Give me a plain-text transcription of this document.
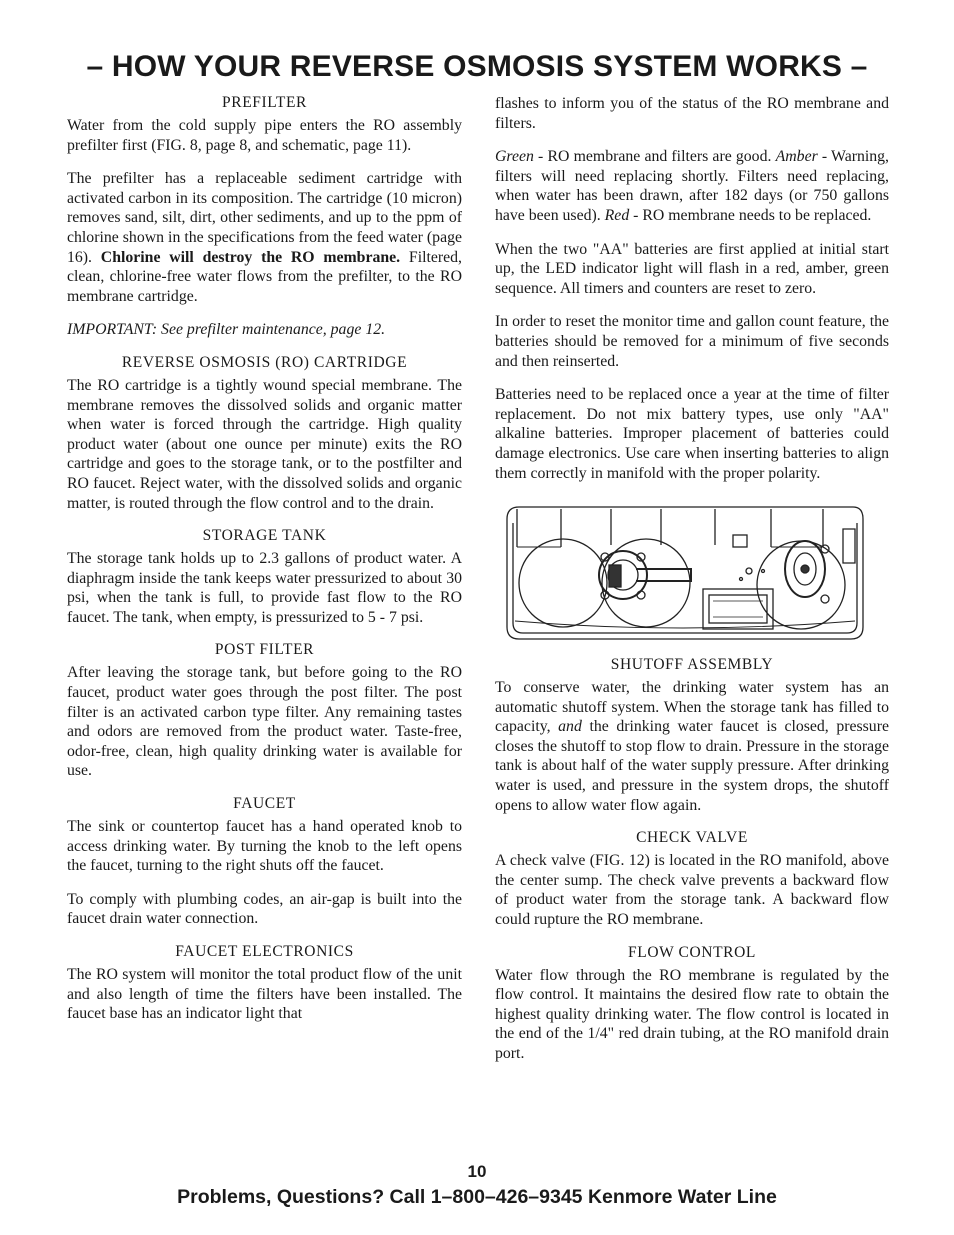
– HOW YOUR REVERSE OSMOSIS SYSTEM WORKS –
PREFILTER

Water from the cold supply pipe enters the RO assembly prefilter first (FIG. 8, page 8, and schematic, page 11).

The prefilter has a replaceable sediment cartridge with activated carbon in its composition. The cartridge (10 micron) removes sand, silt, dirt, other sediments, and up to the ppm of chlorine shown in the specifications from the feed water (page 16). Chlorine will destroy the RO membrane. Filtered, clean, chlorine-free water flows from the prefilter, to the RO membrane cartridge.

IMPORTANT: See prefilter maintenance, page 12.

REVERSE OSMOSIS (RO) CARTRIDGE

The RO cartridge is a tightly wound special membrane. The membrane removes the dissolved solids and organic matter when water is forced through the cartridge. High quality product water (about one ounce per minute) exits the RO cartridge and goes to the storage tank, or to the postfilter and RO faucet. Reject water, with the dissolved solids and organic matter, is routed through the flow control and to the drain.

STORAGE TANK

The storage tank holds up to 2.3 gallons of product water. A diaphragm inside the tank keeps water pressurized to about 30 psi, when the tank is full, to provide fast flow to the RO faucet. The tank, when empty, is pressurized to 5 - 7 psi.

POST FILTER

After leaving the storage tank, but before going to the RO faucet, product water goes through the post filter. The post filter is an activated carbon type filter. Any remaining tastes and odors are removed from the product water. Taste-free, odor-free, clean, high quality drinking water is available for use.

FAUCET

The sink or countertop faucet has a hand operated knob to access drinking water. By turning the knob to the left opens the faucet, turning to the right shuts off the faucet.

To comply with plumbing codes, an air-gap is built into the faucet drain water connection.

FAUCET ELECTRONICS

The RO system will monitor the total product flow of the unit and also length of time the filters have been installed. The faucet base has an indicator light that

flashes to inform you of the status of the RO membrane and filters.

Green - RO membrane and filters are good. Amber - Warning, filters will need replacing shortly. Filters need replacing, when water has been drawn, after 182 days (or 750 gallons have been used). Red - RO membrane needs to be replaced.

When the two "AA" batteries are first applied at initial start up, the LED indicator light will flash in a red, amber, green sequence. All timers and counters are reset to zero.

In order to reset the monitor time and gallon count feature, the batteries should be removed for a minimum of five seconds and then reinserted.

Batteries need to be replaced once a year at the time of filter replacement. Do not mix battery types, use only "AA" alkaline batteries. Improper placement of batteries could damage electronics. Use care when inserting batteries to align them correctly in manifold with the proper polarity.

SHUTOFF ASSEMBLY

To conserve water, the drinking water system has an automatic shutoff system. When the storage tank has filled to capacity, and the drinking water faucet is closed, pressure closes the shutoff to stop flow to drain. Pressure in the storage tank is about half of the water supply pressure. After drinking water is used, and pressure in the system drops, the shutoff opens to allow water flow again.

CHECK VALVE

A check valve (FIG. 12) is located in the RO manifold, above the center sump. The check valve prevents a backward flow of product water from the storage tank. A backward flow could rupture the RO membrane.

FLOW CONTROL

Water flow through the RO membrane is regulated by the flow control. It maintains the desired flow rate to obtain the highest quality drinking water. The flow control is located in the end of the 1/4" red drain tubing, at the RO manifold drain port.

10
Problems, Questions? Call 1–800–426–9345 Kenmore Water Line
